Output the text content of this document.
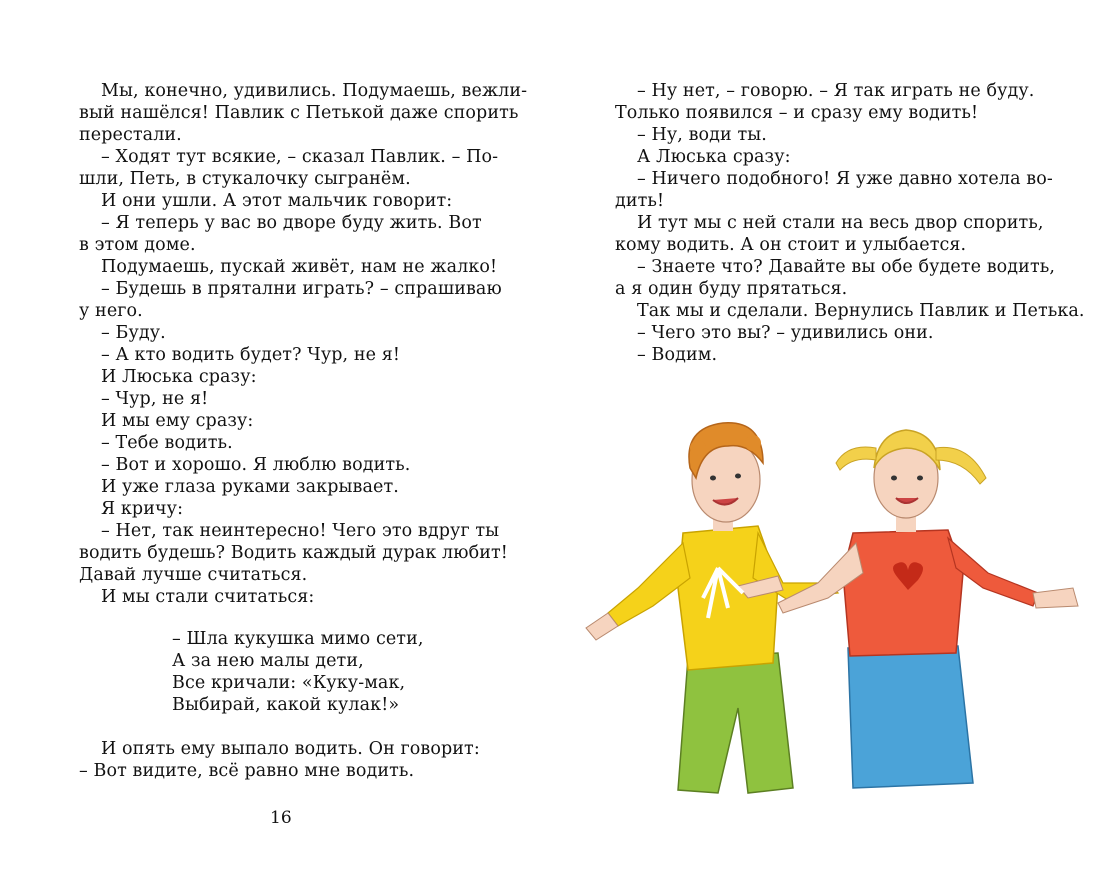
Мы, конечно, удивились. Подумаешь, вежли-
вый нашёлся! Павлик с Петькой даже спорить
перестали.
– Ходят тут всякие, – сказал Павлик. – По-
шли, Петь, в стукалочку сыгранём.
И они ушли. А этот мальчик говорит:
– Я теперь у вас во дворе буду жить. Вот
в этом доме.
Подумаешь, пускай живёт, нам не жалко!
– Будешь в прятални играть? – спрашиваю
у него.
– Буду.
– А кто водить будет? Чур, не я!
И Люська сразу:
– Чур, не я!
И мы ему сразу:
– Тебе водить.
– Вот и хорошо. Я люблю водить.
И уже глаза руками закрывает.
Я кричу:
– Нет, так неинтересно! Чего это вдруг ты
водить будешь? Водить каждый дурак любит!
Давай лучше считаться.
И мы стали считаться:
– Шла кукушка мимо сети,
А за нею малы дети,
Все кричали: «Куку-мак,
Выбирай, какой кулак!»
И опять ему выпало водить. Он говорит:
– Вот видите, всё равно мне водить.
16
– Ну нет, – говорю. – Я так играть не буду.
Только появился – и сразу ему водить!
– Ну, води ты.
А Люська сразу:
– Ничего подобного! Я уже давно хотела во-
дить!
И тут мы с ней стали на весь двор спорить,
кому водить. А он стоит и улыбается.
– Знаете что? Давайте вы обе будете водить,
а я один буду прятаться.
Так мы и сделали. Вернулись Павлик и Петька.
– Чего это вы? – удивились они.
– Водим.
